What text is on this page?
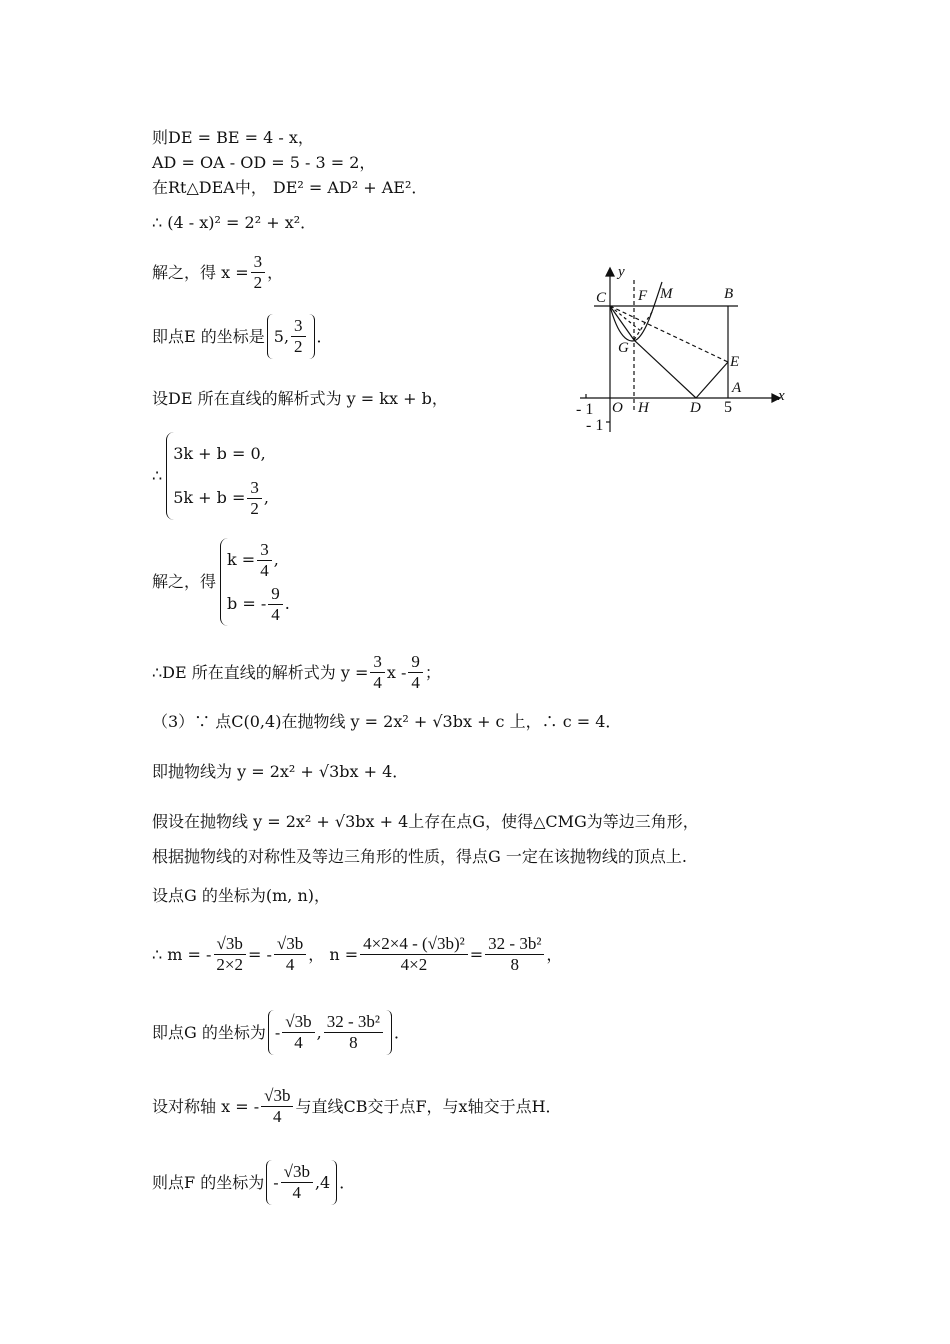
则DE = BE = 4 - x，
AD = OA - OD = 5 - 3 = 2，
在Rt△DEA中， DE² = AD² + AE²．
∴ (4 - x)² = 2² + x²．
解之，得 $x = \frac{3}{2}$ ，
即点E 的坐标是 5, $\frac{3}{2}$ ．
设DE 所在直线的解析式为 y = kx + b，
∴
3k + b = 0,
$5k + b = \frac{3}{2}$ ,
解之，得
$k = \frac{3}{4}$ ,
b = - $\frac{9}{4}$ .
∴DE 所在直线的解析式为 $y = \frac{3}{4}$ x - $\frac{9}{4}$ ；
（3）∵ 点C(0,4)在抛物线 y = 2x² + √3bx + c 上，∴ c = 4．
即抛物线为 y = 2x² + √3bx + 4．
假设在抛物线 y = 2x² + √3bx + 4上存在点G，使得△CMG为等边三角形，
根据抛物线的对称性及等边三角形的性质，得点G 一定在该抛物线的顶点上.
设点G 的坐标为(m, n)，
∴ m = - $\frac{√3b}{2\times 2}$ = - $\frac{√3b}{4}$ ， $n = \frac{\text{4×2×4 - (√3b)²}}{4\times 2} = \frac{\text{32 - 3b²}}{8}$ ，
即点G 的坐标为 - $\frac{√3b}{4}$ , $\frac{\text{32 - 3b²}}{8}$ ．
设对称轴 x = - $\frac{√3b}{4}$ 与直线CB交于点F，与x轴交于点H．
则点F 的坐标为 - $\frac{√3b}{4} ,4$ ．
y
x
C F M	B
G
E
A
O H	D 5
- 1
- 1
